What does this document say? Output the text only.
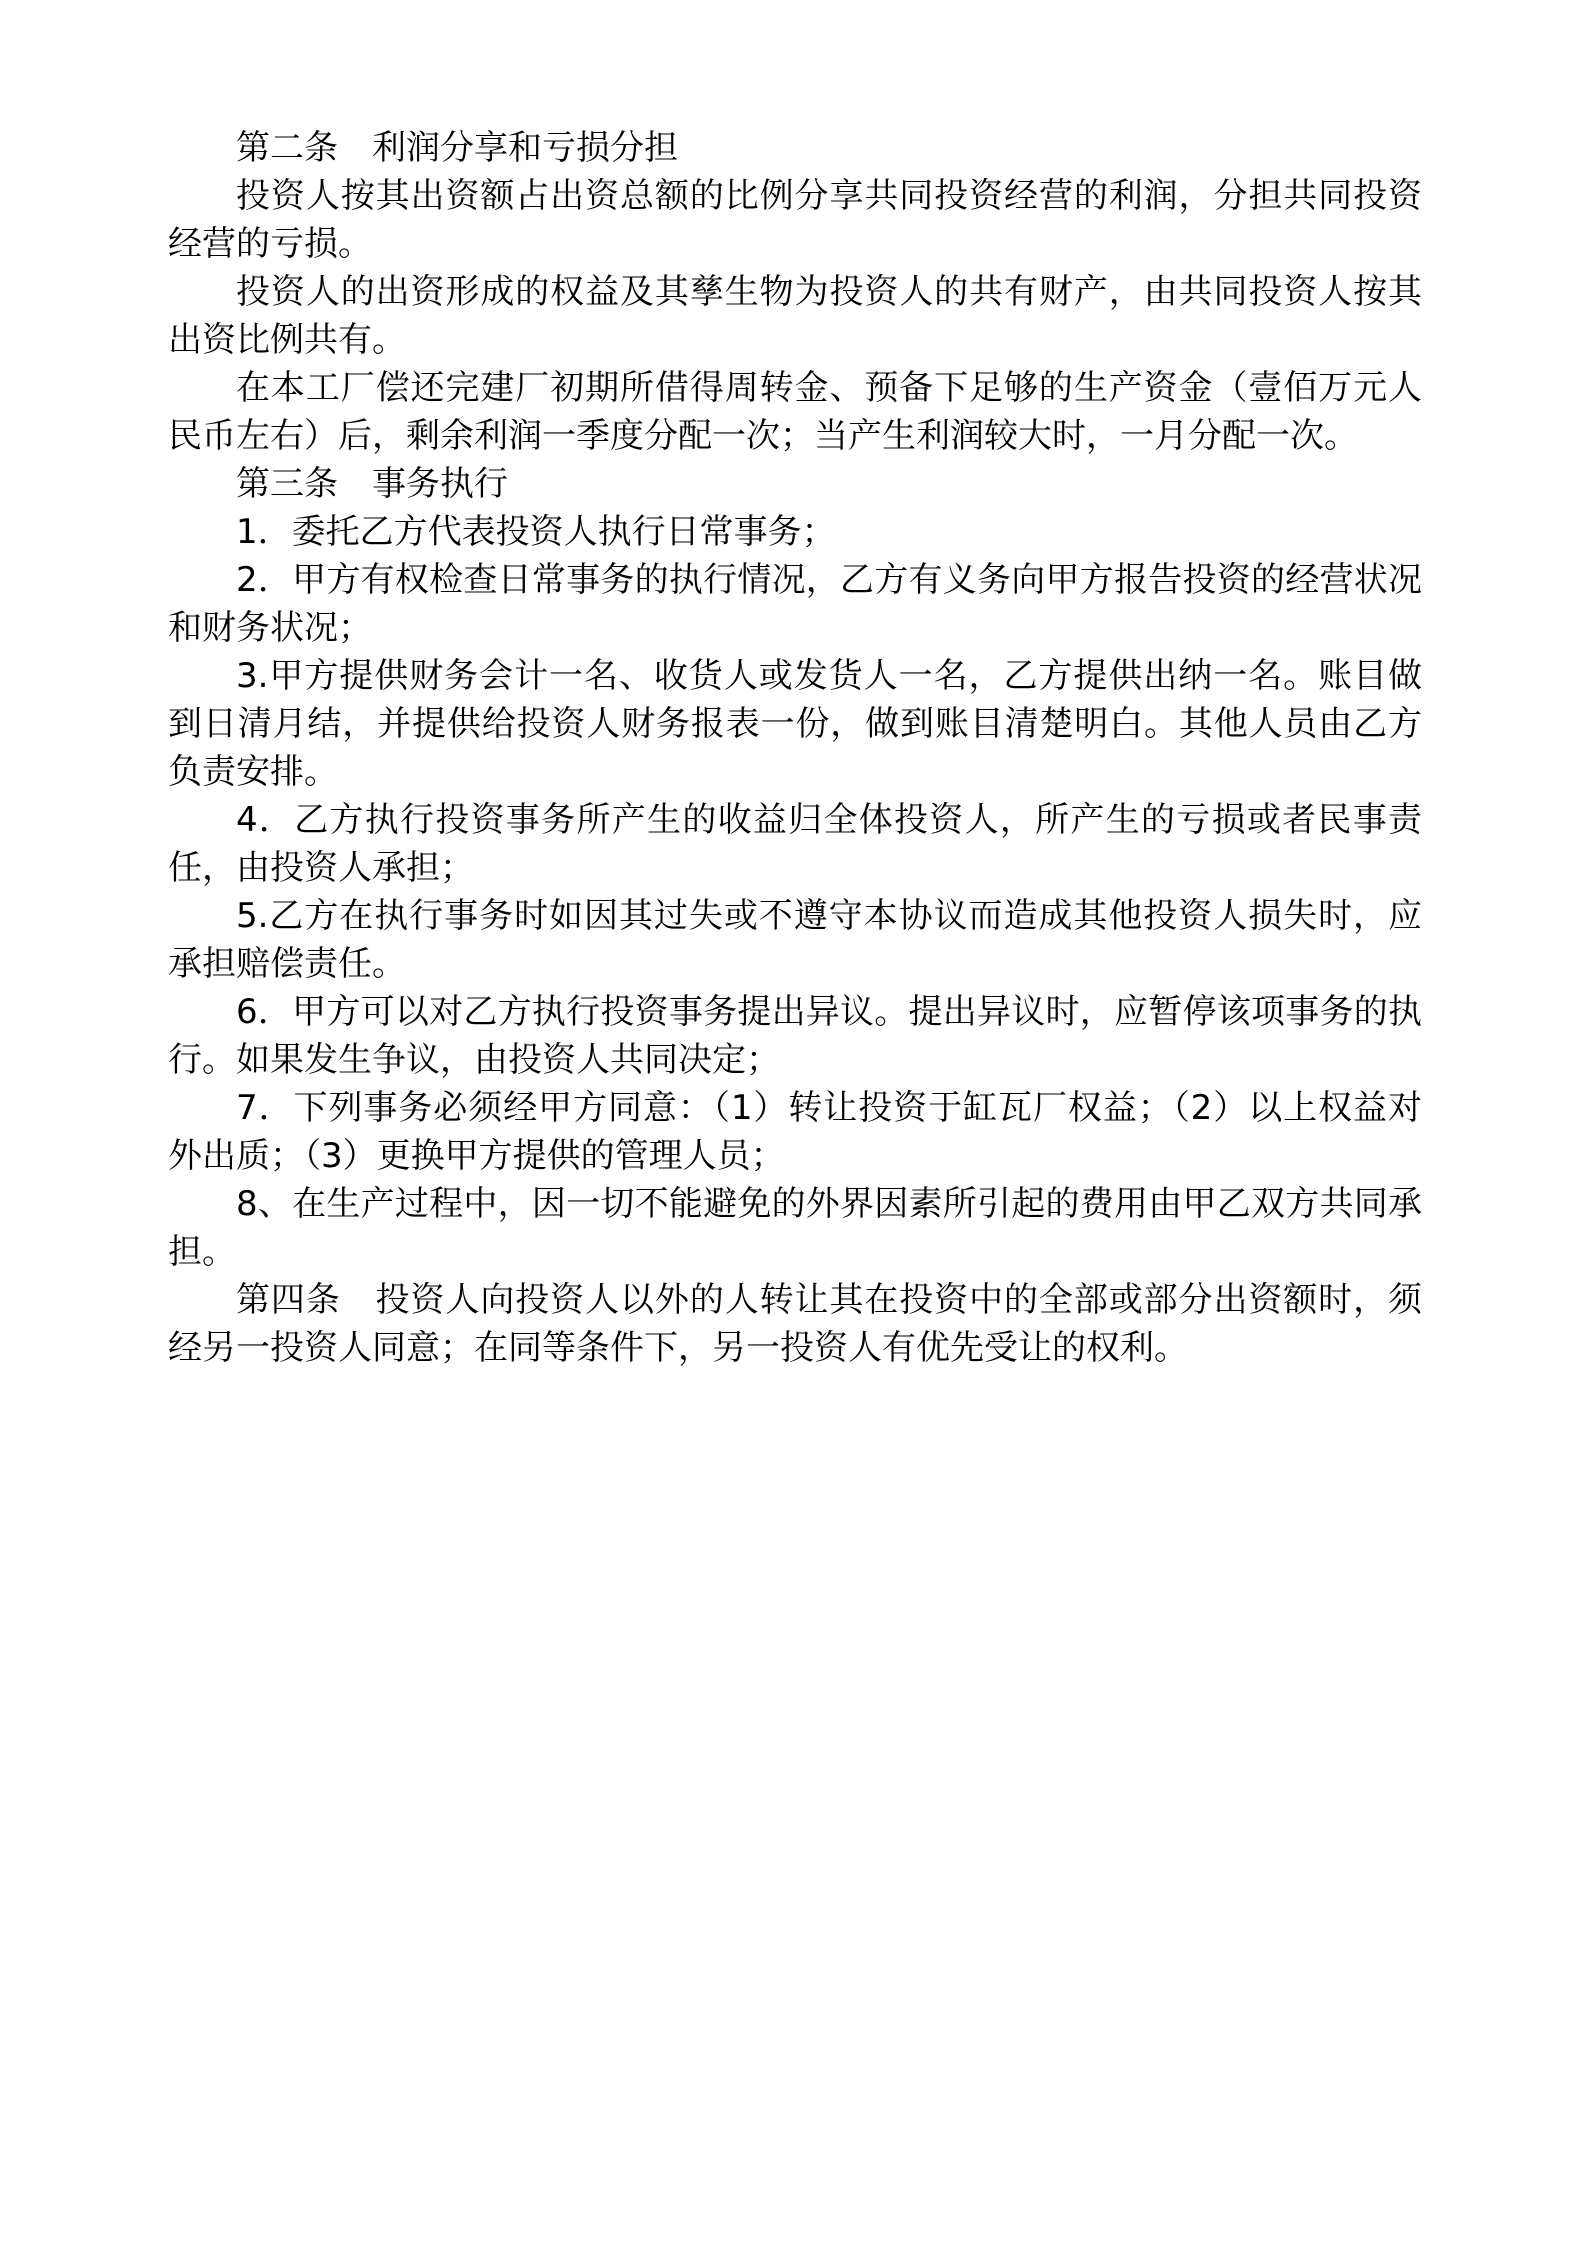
第二条　利润分享和亏损分担

投资人按其出资额占出资总额的比例分享共同投资经营的利润，分担共同投资经营的亏损。

投资人的出资形成的权益及其孳生物为投资人的共有财产，由共同投资人按其出资比例共有。

在本工厂偿还完建厂初期所借得周转金、预备下足够的生产资金（壹佰万元人民币左右）后，剩余利润一季度分配一次；当产生利润较大时，一月分配一次。

第三条　事务执行

1．委托乙方代表投资人执行日常事务；

2．甲方有权检查日常事务的执行情况，乙方有义务向甲方报告投资的经营状况和财务状况；

3.甲方提供财务会计一名、收货人或发货人一名，乙方提供出纳一名。账目做到日清月结，并提供给投资人财务报表一份，做到账目清楚明白。其他人员由乙方负责安排。

4．乙方执行投资事务所产生的收益归全体投资人，所产生的亏损或者民事责任，由投资人承担；

5.乙方在执行事务时如因其过失或不遵守本协议而造成其他投资人损失时，应承担赔偿责任。

6．甲方可以对乙方执行投资事务提出异议。提出异议时，应暂停该项事务的执行。如果发生争议，由投资人共同决定；

7．下列事务必须经甲方同意：（1）转让投资于缸瓦厂权益；（2）以上权益对外出质；（3）更换甲方提供的管理人员；

8、在生产过程中，因一切不能避免的外界因素所引起的费用由甲乙双方共同承担。

第四条　投资人向投资人以外的人转让其在投资中的全部或部分出资额时，须经另一投资人同意；在同等条件下，另一投资人有优先受让的权利。
